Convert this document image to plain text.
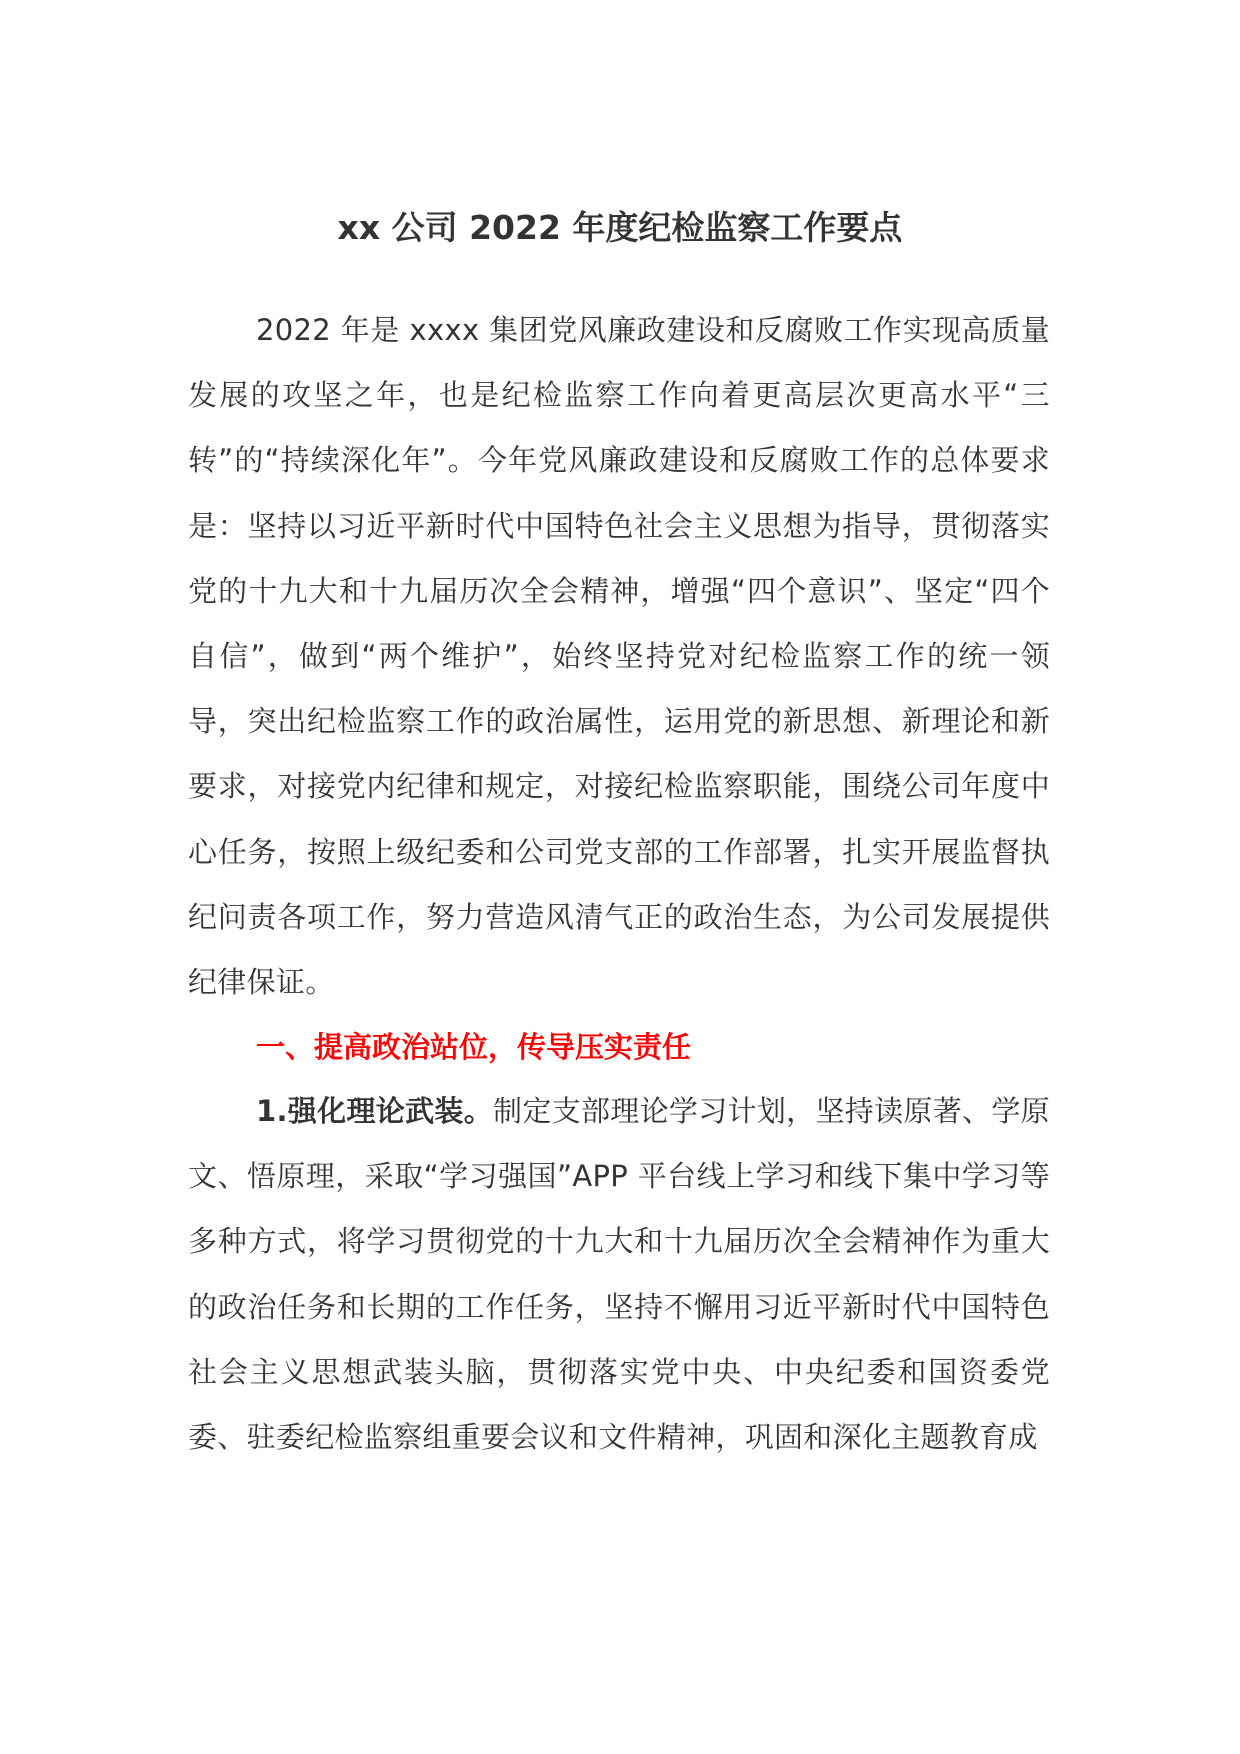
xx 公司 2022 年度纪检监察工作要点

2022 年是 xxxx 集团党风廉政建设和反腐败工作实现高质量发展的攻坚之年，也是纪检监察工作向着更高层次更高水平“三转”的“持续深化年”。今年党风廉政建设和反腐败工作的总体要求是：坚持以习近平新时代中国特色社会主义思想为指导，贯彻落实党的十九大和十九届历次全会精神，增强“四个意识”、坚定“四个自信”，做到“两个维护”，始终坚持党对纪检监察工作的统一领导，突出纪检监察工作的政治属性，运用党的新思想、新理论和新要求，对接党内纪律和规定，对接纪检监察职能，围绕公司年度中心任务，按照上级纪委和公司党支部的工作部署，扎实开展监督执纪问责各项工作，努力营造风清气正的政治生态，为公司发展提供纪律保证。

一、提高政治站位，传导压实责任

1.强化理论武装。制定支部理论学习计划，坚持读原著、学原文、悟原理，采取“学习强国”APP 平台线上学习和线下集中学习等多种方式，将学习贯彻党的十九大和十九届历次全会精神作为重大的政治任务和长期的工作任务，坚持不懈用习近平新时代中国特色社会主义思想武装头脑，贯彻落实党中央、中央纪委和国资委党委、驻委纪检监察组重要会议和文件精神，巩固和深化主题教育成
